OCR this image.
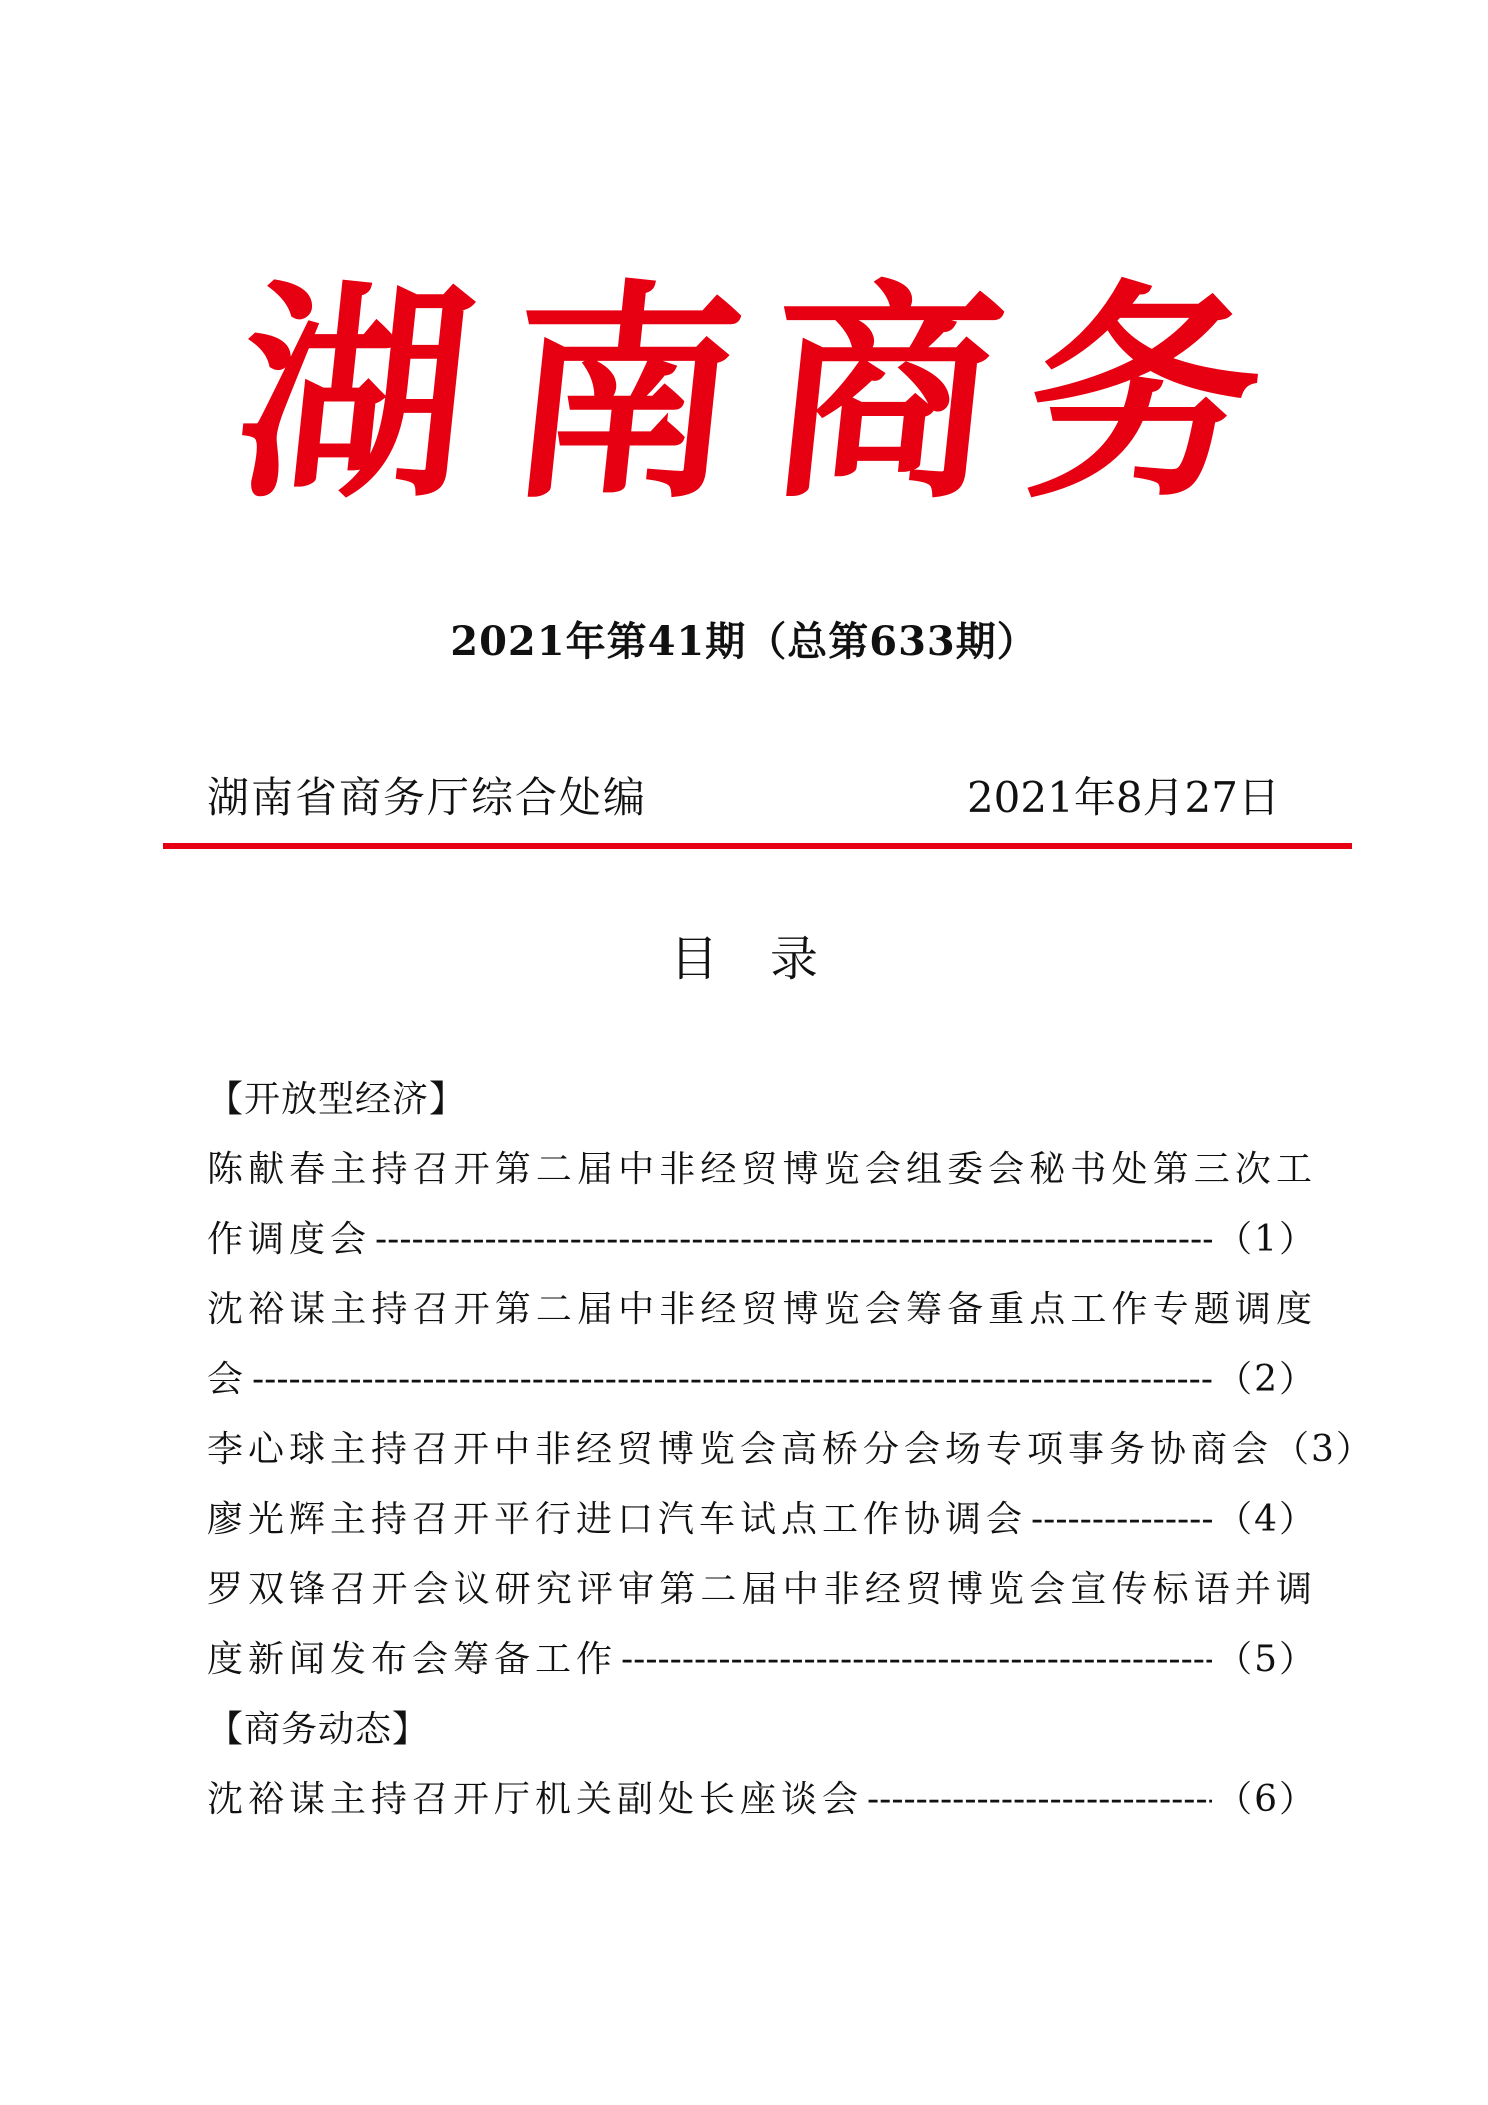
湖 南 商 务
2021年第41期（总第633期）
湖南省商务厅综合处编	2021年8月27日
目 录
【开放型经济】
陈献春主持召开第二届中非经贸博览会组委会秘书处第三次工
作调度会 -----	（1）
沈裕谋主持召开第二届中非经贸博览会筹备重点工作专题调度
会 -----	（2）
李心球主持召开中非经贸博览会高桥分会场专项事务协商会 （3）
廖光辉主持召开平行进口汽车试点工作协调会 -----	（4）
罗双锋召开会议研究评审第二届中非经贸博览会宣传标语并调
度新闻发布会筹备工作 -----	（5）
【商务动态】
沈裕谋主持召开厅机关副处长座谈会 -----	（6）
